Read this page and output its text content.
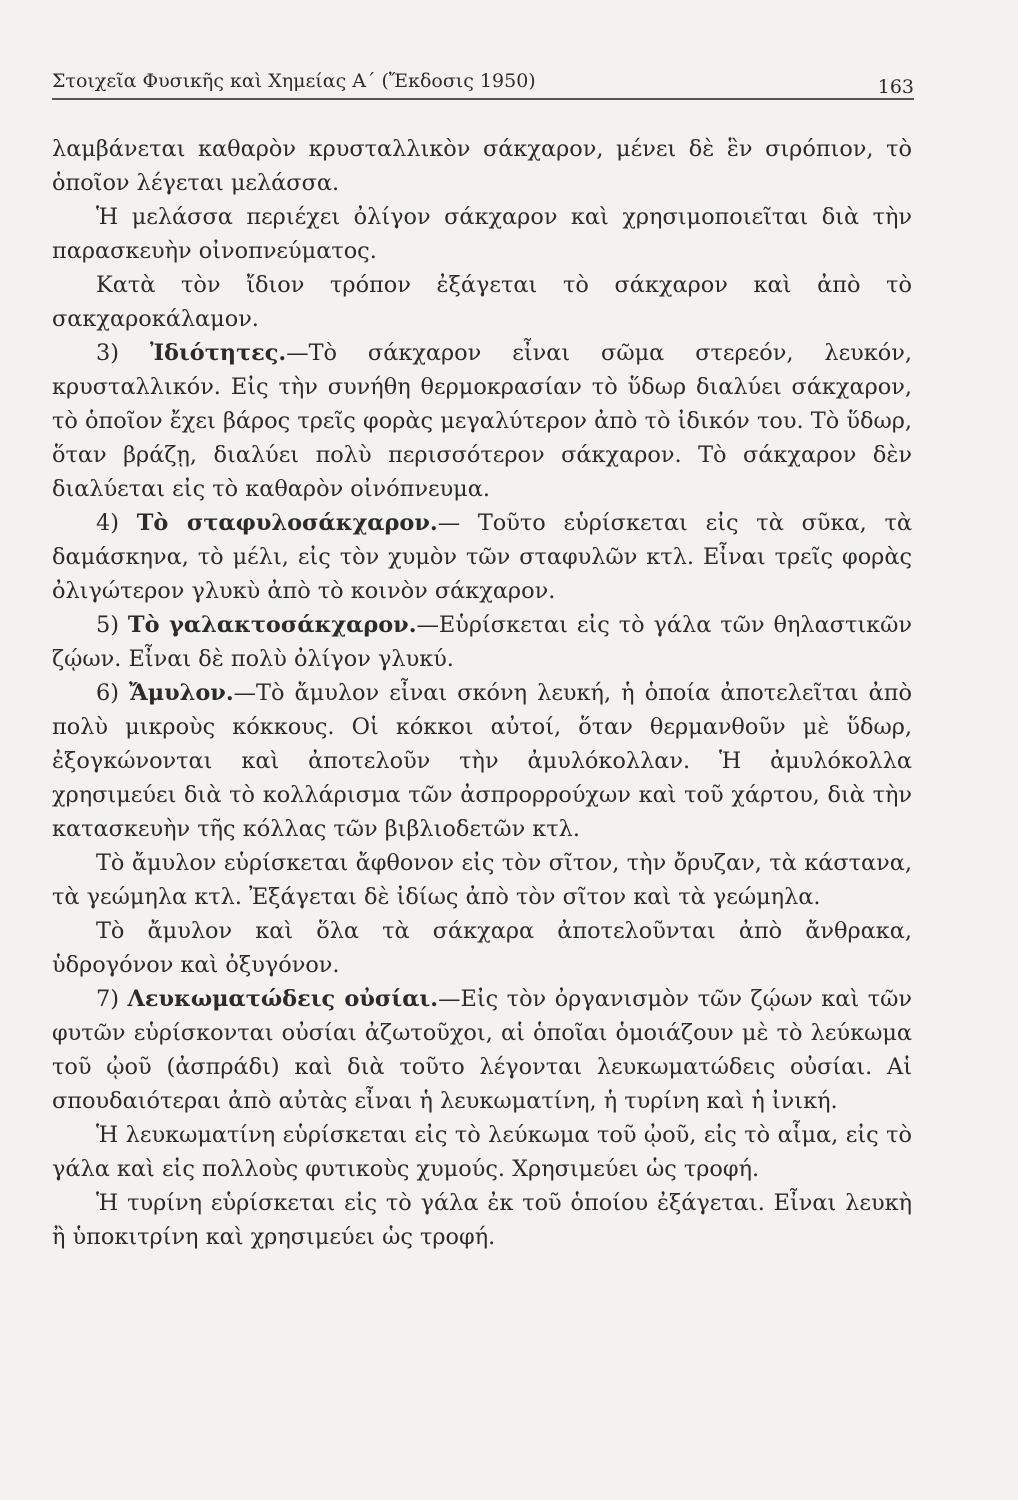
Στοιχεῖα Φυσικῆς καὶ Χημείας Α΄ (Ἔκδοσις 1950)	163

λαμβάνεται καθαρὸν κρυσταλλικὸν σάκχαρον, μένει δὲ ἓν σιρόπιον, τὸ ὁποῖον λέγεται μελάσσα.

Ἡ μελάσσα περιέχει ὀλίγον σάκχαρον καὶ χρησιμοποιεῖται διὰ τὴν παρασκευὴν οἰνοπνεύματος.

Κατὰ τὸν ἴδιον τρόπον ἐξάγεται τὸ σάκχαρον καὶ ἀπὸ τὸ σακχαροκάλαμον.

3) Ἰδιότητες.—Τὸ σάκχαρον εἶναι σῶμα στερεόν, λευκόν, κρυσταλλικόν. Εἰς τὴν συνήθη θερμοκρασίαν τὸ ὕδωρ διαλύει σάκχαρον, τὸ ὁποῖον ἔχει βάρος τρεῖς φορὰς μεγαλύτερον ἀπὸ τὸ ἰδικόν του. Τὸ ὕδωρ, ὅταν βράζῃ, διαλύει πολὺ περισσότερον σάκχαρον. Τὸ σάκχαρον δὲν διαλύεται εἰς τὸ καθαρὸν οἰνόπνευμα.

4) Τὸ σταφυλοσάκχαρον.— Τοῦτο εὑρίσκεται εἰς τὰ σῦκα, τὰ δαμάσκηνα, τὸ μέλι, εἰς τὸν χυμὸν τῶν σταφυλῶν κτλ. Εἶναι τρεῖς φορὰς ὀλιγώτερον γλυκὺ ἀπὸ τὸ κοινὸν σάκχαρον.

5) Τὸ γαλακτοσάκχαρον.—Εὑρίσκεται εἰς τὸ γάλα τῶν θηλαστικῶν ζῴων. Εἶναι δὲ πολὺ ὀλίγον γλυκύ.

6) Ἄμυλον.—Τὸ ἄμυλον εἶναι σκόνη λευκή, ἡ ὁποία ἀποτελεῖται ἀπὸ πολὺ μικροὺς κόκκους. Οἱ κόκκοι αὐτοί, ὅταν θερμανθοῦν μὲ ὕδωρ, ἐξογκώνονται καὶ ἀποτελοῦν τὴν ἀμυλόκολλαν. Ἡ ἀμυλόκολλα χρησιμεύει διὰ τὸ κολλάρισμα τῶν ἀσπρορρούχων καὶ τοῦ χάρτου, διὰ τὴν κατασκευὴν τῆς κόλλας τῶν βιβλιοδετῶν κτλ.

Τὸ ἄμυλον εὑρίσκεται ἄφθονον εἰς τὸν σῖτον, τὴν ὄρυζαν, τὰ κάστανα, τὰ γεώμηλα κτλ. Ἐξάγεται δὲ ἰδίως ἀπὸ τὸν σῖτον καὶ τὰ γεώμηλα.

Τὸ ἄμυλον καὶ ὅλα τὰ σάκχαρα ἀποτελοῦνται ἀπὸ ἄνθρακα, ὑδρογόνον καὶ ὀξυγόνον.

7) Λευκωματώδεις οὐσίαι.—Εἰς τὸν ὀργανισμὸν τῶν ζῴων καὶ τῶν φυτῶν εὑρίσκονται οὐσίαι ἀζωτοῦχοι, αἱ ὁποῖαι ὁμοιάζουν μὲ τὸ λεύκωμα τοῦ ᾠοῦ (ἀσπράδι) καὶ διὰ τοῦτο λέγονται λευκωματώδεις οὐσίαι. Αἱ σπουδαιότεραι ἀπὸ αὐτὰς εἶναι ἡ λευκωματίνη, ἡ τυρίνη καὶ ἡ ἰνική.

Ἡ λευκωματίνη εὑρίσκεται εἰς τὸ λεύκωμα τοῦ ᾠοῦ, εἰς τὸ αἷμα, εἰς τὸ γάλα καὶ εἰς πολλοὺς φυτικοὺς χυμούς. Χρησιμεύει ὡς τροφή.

Ἡ τυρίνη εὑρίσκεται εἰς τὸ γάλα ἐκ τοῦ ὁποίου ἐξάγεται. Εἶναι λευκὴ ἢ ὑποκιτρίνη καὶ χρησιμεύει ὡς τροφή.
